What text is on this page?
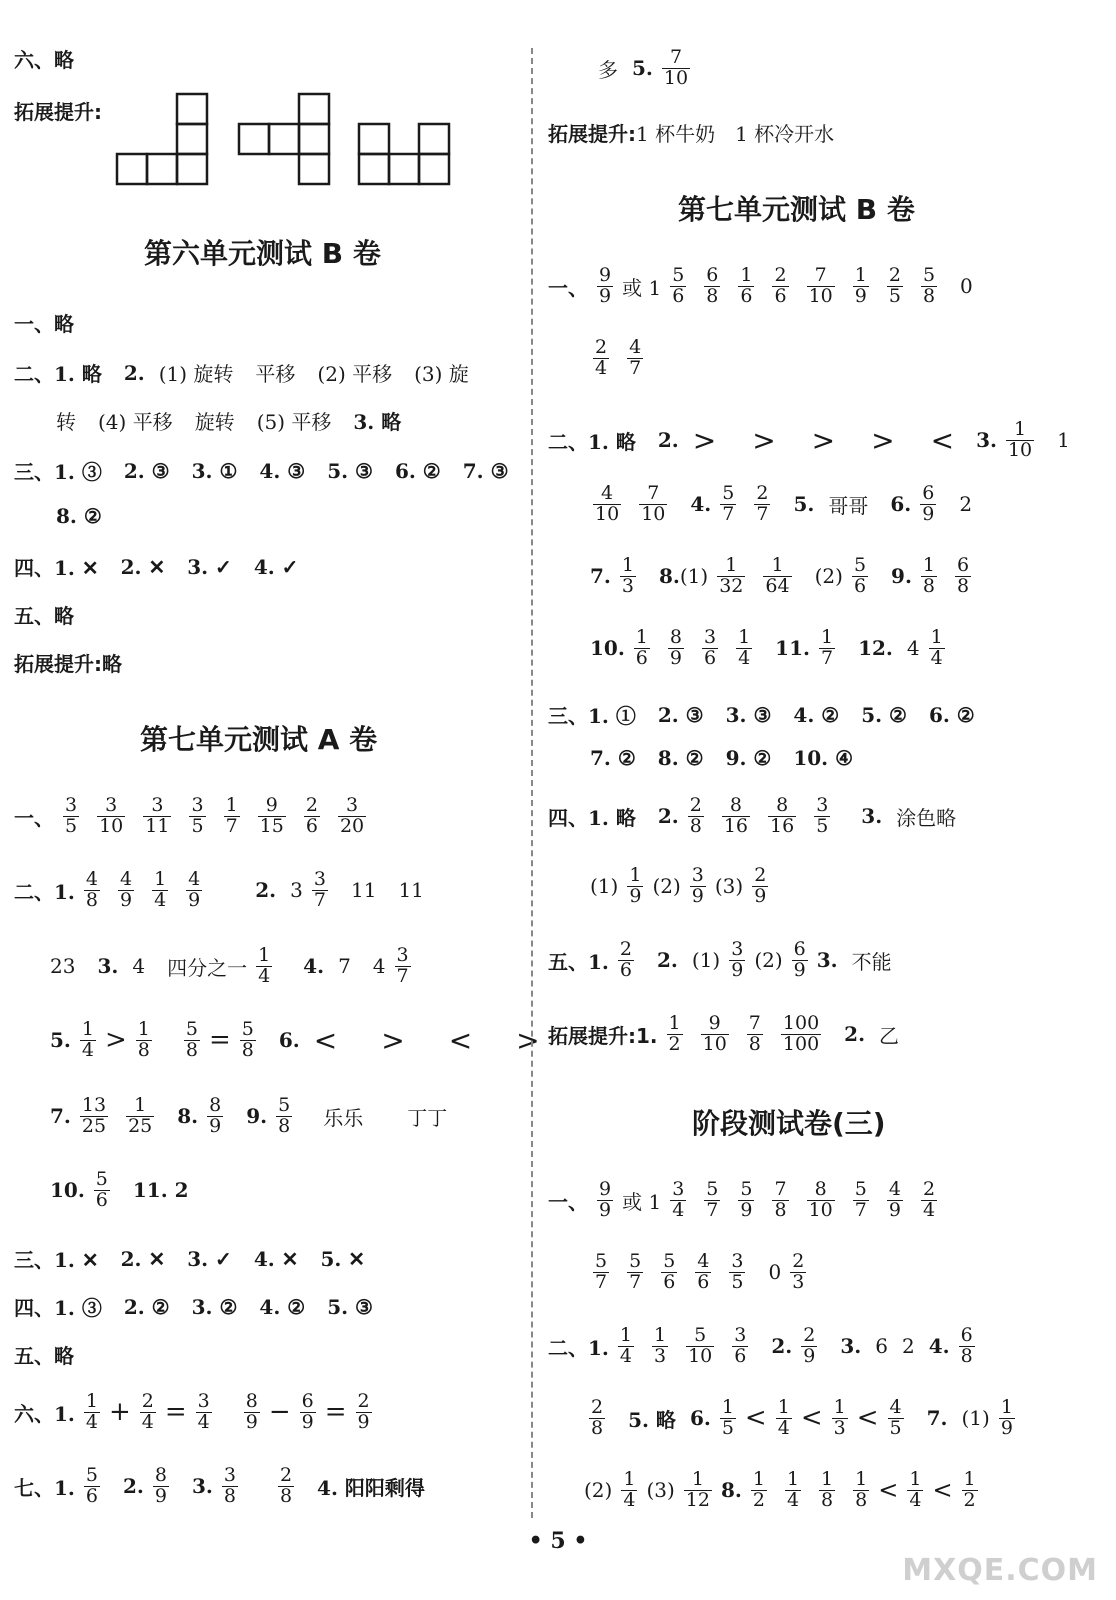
六、略
拓展提升:
第六单元测试 B 卷
一、略
二、1. 略 2. (1) 旋转 平移 (2) 平移 (3) 旋
转 (4) 平移 旋转 (5) 平移 3. 略
三、1. ③ 2. ③ 3. ① 4. ③ 5. ③ 6. ② 7. ③
8. ②
四、1. ✕ 2. ✕ 3. ✓ 4. ✓
五、略
拓展提升:略
第七单元测试 A 卷
一、 $\frac{3}{5} \frac{3}{10} \frac{3}{11} \frac{3}{5} \frac{1}{7} \frac{9}{15} \frac{2}{6} \frac{3}{20}$
二、1. $\frac{4}{8} \frac{4}{9} \frac{1}{4} \frac{4}{9}$	2. $3 \frac{3}{7} 11$ 11
23 3. 4 四分之一 $\frac{1}{4} 4$. 7 $4 \frac{3}{7}$
5. $\frac{1}{4} > \frac{1}{8} \frac{5}{8} = \frac{5}{8} 6$. < > < >
7. $\frac{13}{25} \frac{1}{25} 8$. $\frac{8}{9} 9$. $\frac{5}{8}$ 乐乐 丁丁
10. $\frac{5}{6} 11$. 2
三、1. ✕ 2. ✕ 3. ✓ 4. ✕ 5. ✕
四、1. ③ 2. ② 3. ② 4. ② 5. ③
五、略
六、1. $\frac{1}{4} + \frac{2}{4} = \frac{3}{4} \frac{8}{9} - \frac{6}{9} = \frac{2}{9}$
七、1. $\frac{5}{6} 2$. $\frac{8}{9} 3$. $\frac{3}{8} \frac{2}{8} 4$. 阳阳剩得
多 5. $\frac{7}{10}$
拓展提升: 1 杯牛奶　1 杯冷开水
第七单元测试 B 卷
一、 $\frac{9}{9}$ 或 $1 \frac{5}{6} \frac{6}{8} \frac{1}{6} \frac{2}{6} \frac{7}{10} \frac{1}{9} \frac{2}{5} \frac{5}{8} 0$
$\frac{2}{4} \frac{4}{7}$
二、1. 略 2. > > > > < 3. $\frac{1}{10} 1$
$\frac{4}{10} \frac{7}{10} 4$. $\frac{5}{7} \frac{2}{7} 5$. 哥哥 6. $\frac{6}{9} 2$
7. $\frac{1}{3} 8$. $(1) \frac{1}{32} \frac{1}{64} (2) \frac{5}{6} 9$. $\frac{1}{8} \frac{6}{8}$
10. $\frac{1}{6} \frac{8}{9} \frac{3}{6} \frac{1}{4} 11$. $\frac{1}{7} 12$. $4 \frac{1}{4}$
三、1. ① 2. ③ 3. ③ 4. ② 5. ② 6. ②
7. ② 8. ② 9. ② 10. ④
四、1. 略 2. $\frac{2}{8} \frac{8}{16} \frac{8}{16} \frac{3}{5} 3$. 涂色略
$(1) \frac{1}{9} (2) \frac{3}{9} (3) \frac{2}{9}$
五、1. $\frac{2}{6} 2$. $(1) \frac{3}{9} (2) \frac{6}{9} 3$. 不能
拓展提升:1. $\frac{1}{2} \frac{9}{10} \frac{7}{8} \frac{100}{100} 2$. 乙
阶段测试卷(三)
一、 $\frac{9}{9}$ 或 $1 \frac{3}{4} \frac{5}{7} \frac{5}{9} \frac{7}{8} \frac{8}{10} \frac{5}{7} \frac{4}{9} \frac{2}{4}$
$\frac{5}{7} \frac{5}{7} \frac{5}{6} \frac{4}{6} \frac{3}{5} 0 \frac{2}{3}$
二、1. $\frac{1}{4} \frac{1}{3} \frac{5}{10} \frac{3}{6} 2$. $\frac{2}{9} 3$. 6 2 4. $\frac{6}{8}$
$\frac{2}{8} 5$. 略 6. $\frac{1}{5} < \frac{1}{4} < \frac{1}{3} < \frac{4}{5} 7$. $(1) \frac{1}{9}$
$(2) \frac{1}{4} (3) \frac{1}{12} 8$. $\frac{1}{2} \frac{1}{4} \frac{1}{8} \frac{1}{8} < \frac{1}{4} < \frac{1}{2}$
• 5 •
MXQE.COM
